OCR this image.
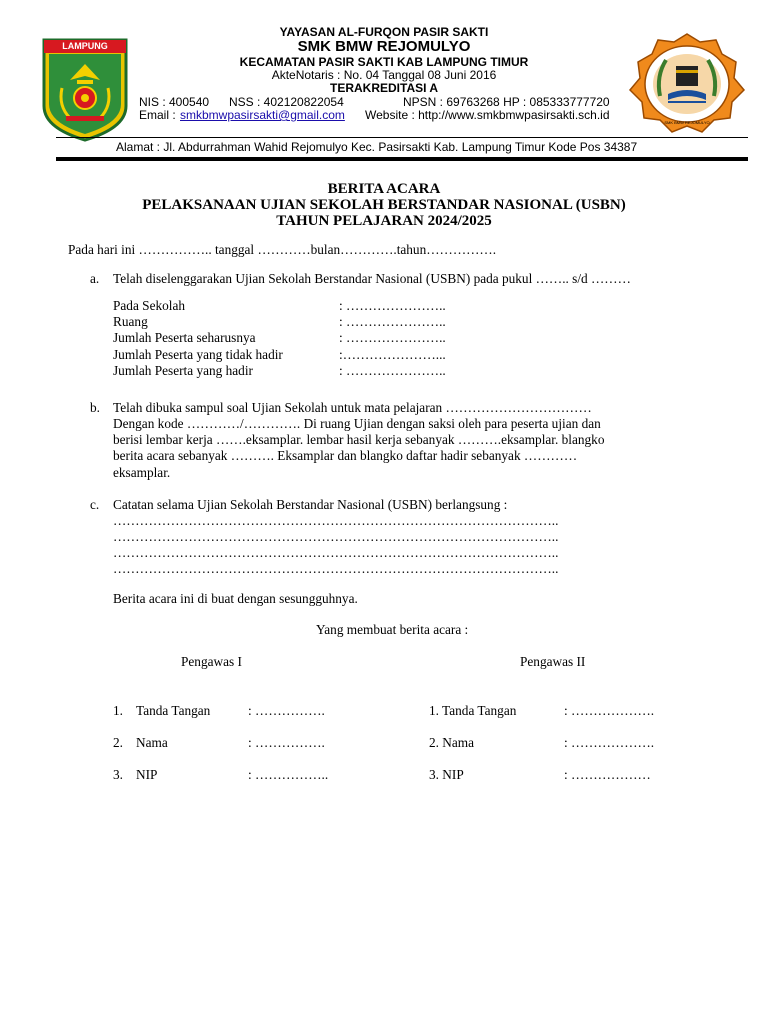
LAMPUNG
SMK BMW REJOMULYO
YAYASAN AL-FURQON PASIR SAKTI
SMK BMW REJOMULYO
KECAMATAN PASIR SAKTI KAB LAMPUNG TIMUR
AkteNotaris : No. 04 Tanggal 08 Juni 2016
TERAKREDITASI A
NIS : 400540 NSS : 402120822054	NPSN : 69763268 HP : 085333777720
Email : smkbmwpasirsakti@gmail.com Website : http://www.smkbmwpasirsakti.sch.id
Alamat : Jl. Abdurrahman Wahid Rejomulyo Kec. Pasirsakti Kab. Lampung Timur Kode Pos 34387
BERITA ACARA
PELAKSANAAN UJIAN SEKOLAH BERSTANDAR NASIONAL (USBN)
TAHUN PELAJARAN 2024/2025
Pada hari ini …………….. tanggal …………bulan………….tahun…………….
a. Telah diselenggarakan Ujian Sekolah Berstandar Nasional (USBN) pada pukul …….. s/d ………
Pada Sekolah	: …………………..
Ruang	: …………………..
Jumlah Peserta seharusnya	: …………………..
Jumlah Peserta yang tidak hadir	:…………………...
Jumlah Peserta yang hadir	: …………………..
b. Telah dibuka sampul soal Ujian Sekolah untuk mata pelajaran ……………………………
Dengan kode …………/…………. Di ruang Ujian dengan saksi oleh para peserta ujian dan
berisi lembar kerja …….eksamplar. lembar hasil kerja sebanyak ……….eksamplar. blangko
berita acara sebanyak ………. Eksamplar dan blangko daftar hadir sebanyak …………
eksamplar.
c. Catatan selama Ujian Sekolah Berstandar Nasional (USBN) berlangsung :
………………………………………………………………………………………..
………………………………………………………………………………………..
………………………………………………………………………………………..
………………………………………………………………………………………..
Berita acara ini di buat dengan sesungguhnya.
Yang membuat berita acara :
Pengawas I	Pengawas II
1. Tanda Tangan	: …………….
2. Nama	: …………….
3. NIP	: ……………..
1. Tanda Tangan	: ……………….
2. Nama	: ……………….
3. NIP	: ………………
